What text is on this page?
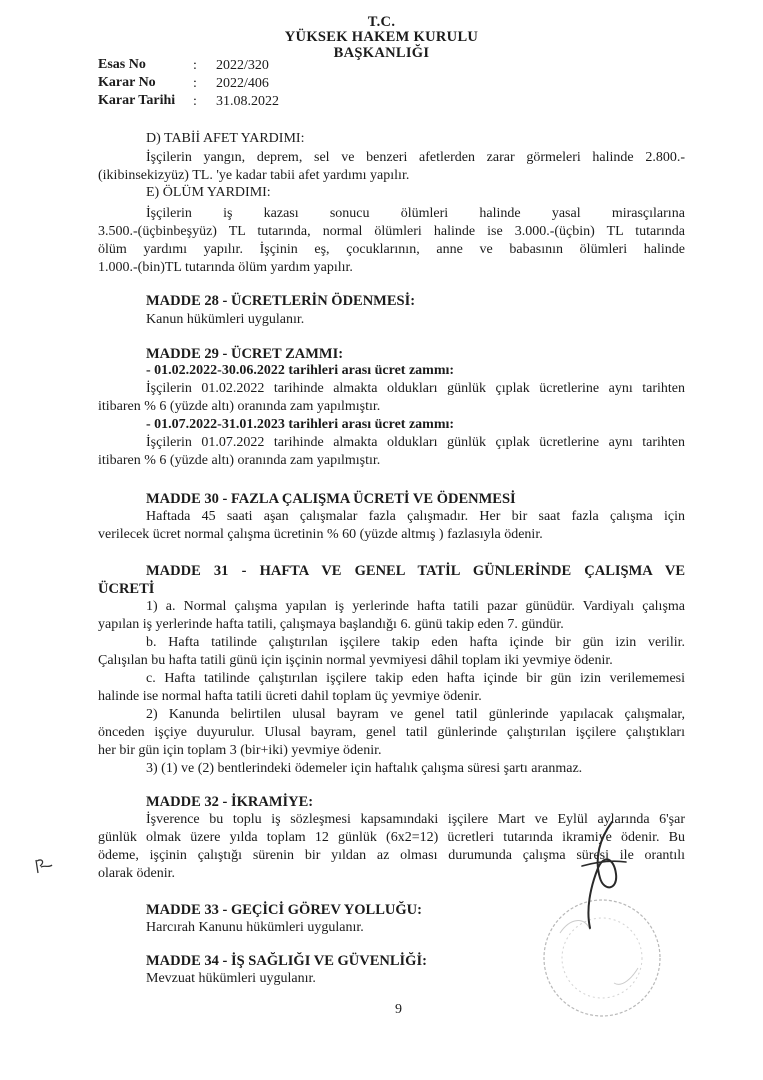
T.C.
YÜKSEK HAKEM KURULU
BAŞKANLIĞI
Esas No	: 2022/320
Karar No	: 2022/406
Karar Tarihi : 31.08.2022
D) TABİİ AFET YARDIMI:
İşçilerin yangın, deprem, sel ve benzeri afetlerden zarar görmeleri halinde 2.800.-
(ikibinsekizyüz) TL. 'ye kadar tabii afet yardımı yapılır.
E) ÖLÜM YARDIMI:
İşçilerin iş kazası sonucu ölümleri halinde yasal mirasçılarına
3.500.-(üçbinbeşyüz) TL tutarında, normal ölümleri halinde ise 3.000.-(üçbin) TL tutarında
ölüm yardımı yapılır. İşçinin eş, çocuklarının, anne ve babasının ölümleri halinde
1.000.-(bin)TL tutarında ölüm yardım yapılır.
MADDE 28 - ÜCRETLERİN ÖDENMESİ:
Kanun hükümleri uygulanır.
MADDE 29 - ÜCRET ZAMMI:
- 01.02.2022-30.06.2022 tarihleri arası ücret zammı:
İşçilerin 01.02.2022 tarihinde almakta oldukları günlük çıplak ücretlerine aynı tarihten
itibaren % 6 (yüzde altı) oranında zam yapılmıştır.
- 01.07.2022-31.01.2023 tarihleri arası ücret zammı:
İşçilerin 01.07.2022 tarihinde almakta oldukları günlük çıplak ücretlerine aynı tarihten
itibaren % 6 (yüzde altı) oranında zam yapılmıştır.
MADDE 30 - FAZLA ÇALIŞMA ÜCRETİ VE ÖDENMESİ
Haftada 45 saati aşan çalışmalar fazla çalışmadır. Her bir saat fazla çalışma için
verilecek ücret normal çalışma ücretinin % 60 (yüzde altmış ) fazlasıyla ödenir.
MADDE 31 - HAFTA VE GENEL TATİL GÜNLERİNDE ÇALIŞMA VE
ÜCRETİ
1) a. Normal çalışma yapılan iş yerlerinde hafta tatili pazar günüdür. Vardiyalı çalışma
yapılan iş yerlerinde hafta tatili, çalışmaya başlandığı 6. günü takip eden 7. gündür.
b. Hafta tatilinde çalıştırılan işçilere takip eden hafta içinde bir gün izin verilir.
Çalışılan bu hafta tatili günü için işçinin normal yevmiyesi dâhil toplam iki yevmiye ödenir.
c. Hafta tatilinde çalıştırılan işçilere takip eden hafta içinde bir gün izin verilememesi
halinde ise normal hafta tatili ücreti dahil toplam üç yevmiye ödenir.
2) Kanunda belirtilen ulusal bayram ve genel tatil günlerinde yapılacak çalışmalar,
önceden işçiye duyurulur. Ulusal bayram, genel tatil günlerinde çalıştırılan işçilere çalıştıkları
her bir gün için toplam 3 (bir+iki) yevmiye ödenir.
3) (1) ve (2) bentlerindeki ödemeler için haftalık çalışma süresi şartı aranmaz.
MADDE 32 - İKRAMİYE:
İşverence bu toplu iş sözleşmesi kapsamındaki işçilere Mart ve Eylül aylarında 6'şar
günlük olmak üzere yılda toplam 12 günlük (6x2=12) ücretleri tutarında ikramiye ödenir. Bu
ödeme, işçinin çalıştığı sürenin bir yıldan az olması durumunda çalışma süresi ile orantılı
olarak ödenir.
MADDE 33 - GEÇİCİ GÖREV YOLLUĞU:
Harcırah Kanunu hükümleri uygulanır.
MADDE 34 - İŞ SAĞLIĞI VE GÜVENLİĞİ:
Mevzuat hükümleri uygulanır.
9
